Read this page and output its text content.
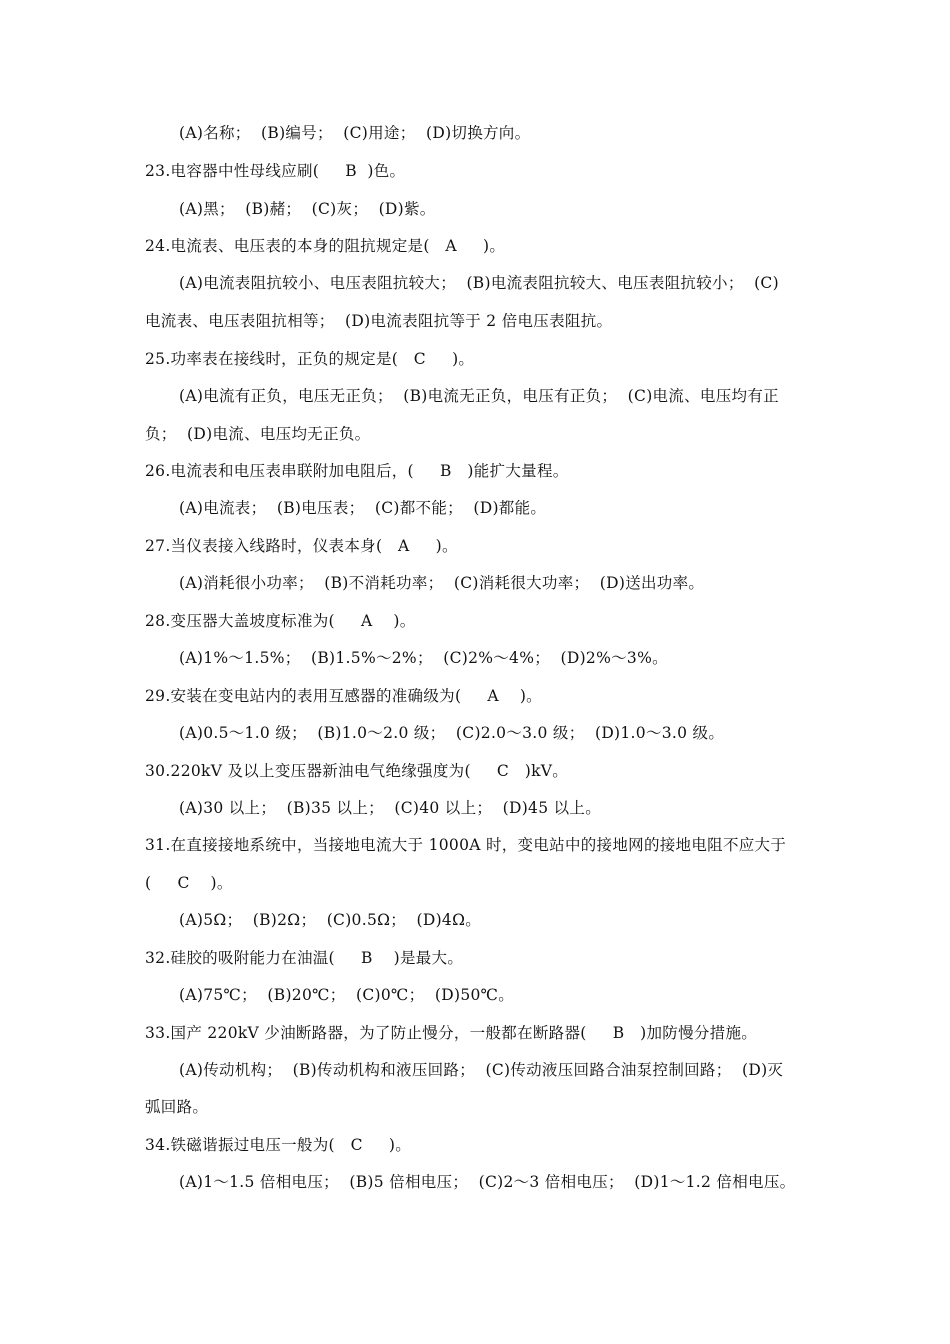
(A)名称；  (B)编号；  (C)用途；  (D)切换方向。
23.电容器中性母线应刷(     B  )色。
(A)黑；  (B)赭；  (C)灰；  (D)紫。
24.电流表、电压表的本身的阻抗规定是(   A     )。
(A)电流表阻抗较小、电压表阻抗较大；  (B)电流表阻抗较大、电压表阻抗较小；  (C)
电流表、电压表阻抗相等；  (D)电流表阻抗等于 2 倍电压表阻抗。
25.功率表在接线时，正负的规定是(   C     )。
(A)电流有正负，电压无正负；  (B)电流无正负，电压有正负；  (C)电流、电压均有正
负；  (D)电流、电压均无正负。
26.电流表和电压表串联附加电阻后，(     B   )能扩大量程。
(A)电流表；  (B)电压表；  (C)都不能；  (D)都能。
27.当仪表接入线路时，仪表本身(   A     )。
(A)消耗很小功率；  (B)不消耗功率；  (C)消耗很大功率；  (D)送出功率。
28.变压器大盖坡度标准为(     A    )。
(A)1%～1.5%；  (B)1.5%～2%；  (C)2%～4%；  (D)2%～3%。
29.安装在变电站内的表用互感器的准确级为(     A    )。
(A)0.5～1.0 级；  (B)1.0～2.0 级；  (C)2.0～3.0 级；  (D)1.0～3.0 级。
30.220kV 及以上变压器新油电气绝缘强度为(     C   )kV。
(A)30 以上；  (B)35 以上；  (C)40 以上；  (D)45 以上。
31.在直接接地系统中，当接地电流大于 1000A 时，变电站中的接地网的接地电阻不应大于
(     C    )。
(A)5Ω；  (B)2Ω；  (C)0.5Ω；  (D)4Ω。
32.硅胶的吸附能力在油温(     B    )是最大。
(A)75℃；  (B)20℃；  (C)0℃；  (D)50℃。
33.国产 220kV 少油断路器，为了防止慢分，一般都在断路器(     B   )加防慢分措施。
(A)传动机构；  (B)传动机构和液压回路；  (C)传动液压回路合油泵控制回路；  (D)灭
弧回路。
34.铁磁谐振过电压一般为(   C     )。
(A)1～1.5 倍相电压；  (B)5 倍相电压；  (C)2～3 倍相电压；  (D)1～1.2 倍相电压。
